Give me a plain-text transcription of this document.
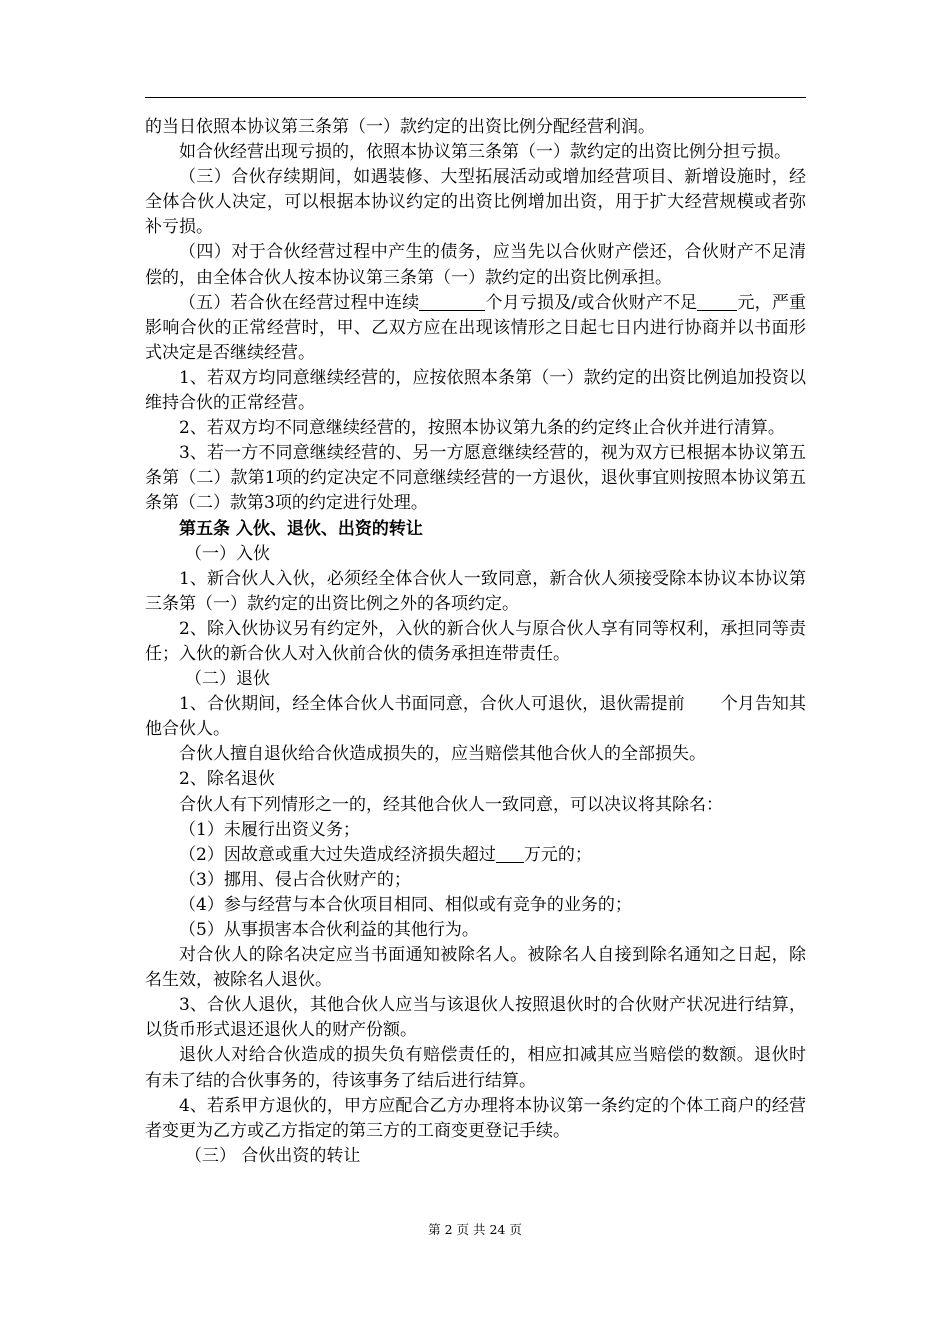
的当日依照本协议第三条第（一）款约定的出资比例分配经营利润。

如合伙经营出现亏损的，依照本协议第三条第（一）款约定的出资比例分担亏损。

（三）合伙存续期间，如遇装修、大型拓展活动或增加经营项目、新增设施时，经全体合伙人决定，可以根据本协议约定的出资比例增加出资，用于扩大经营规模或者弥补亏损。

（四）对于合伙经营过程中产生的债务，应当先以合伙财产偿还，合伙财产不足清偿的，由全体合伙人按本协议第三条第（一）款约定的出资比例承担。

（五）若合伙在经营过程中连续	个月亏损及/或合伙财产不足 元，严重影响合伙的正常经营时，甲、乙双方应在出现该情形之日起七日内进行协商并以书面形式决定是否继续经营。

1、若双方均同意继续经营的，应按依照本条第（一）款约定的出资比例追加投资以维持合伙的正常经营。

2、若双方均不同意继续经营的，按照本协议第九条的约定终止合伙并进行清算。

3、若一方不同意继续经营的、另一方愿意继续经营的，视为双方已根据本协议第五条第（二）款第1项的约定决定不同意继续经营的一方退伙，退伙事宜则按照本协议第五条第（二）款第3项的约定进行处理。

第五条 入伙、退伙、出资的转让

（一）入伙

1、新合伙人入伙，必须经全体合伙人一致同意，新合伙人须接受除本协议本协议第三条第（一）款约定的出资比例之外的各项约定。

2、除入伙协议另有约定外，入伙的新合伙人与原合伙人享有同等权利，承担同等责任；入伙的新合伙人对入伙前合伙的债务承担连带责任。

（二）退伙

1、合伙期间，经全体合伙人书面同意，合伙人可退伙，退伙需提前 个月告知其他合伙人。

合伙人擅自退伙给合伙造成损失的，应当赔偿其他合伙人的全部损失。

2、除名退伙

合伙人有下列情形之一的，经其他合伙人一致同意，可以决议将其除名：

（1）未履行出资义务；

（2）因故意或重大过失造成经济损失超过 万元的；

（3）挪用、侵占合伙财产的；

（4）参与经营与本合伙项目相同、相似或有竞争的业务的；

（5）从事损害本合伙利益的其他行为。

对合伙人的除名决定应当书面通知被除名人。被除名人自接到除名通知之日起，除名生效，被除名人退伙。

3、合伙人退伙，其他合伙人应当与该退伙人按照退伙时的合伙财产状况进行结算，以货币形式退还退伙人的财产份额。

退伙人对给合伙造成的损失负有赔偿责任的，相应扣减其应当赔偿的数额。退伙时有未了结的合伙事务的，待该事务了结后进行结算。

4、若系甲方退伙的，甲方应配合乙方办理将本协议第一条约定的个体工商户的经营者变更为乙方或乙方指定的第三方的工商变更登记手续。

（三） 合伙出资的转让

第 2 页 共 24 页
